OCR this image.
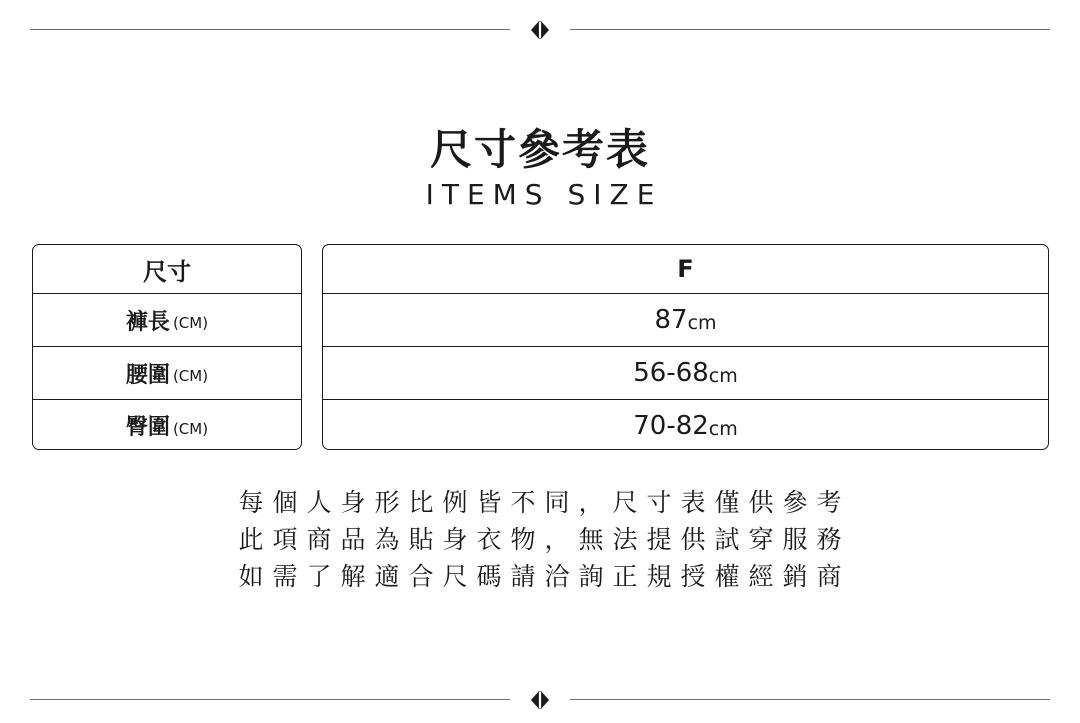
尺寸參考表
ITEMS SIZE
尺寸
褲長 (CM)
腰圍 (CM)
臀圍 (CM)
F
87 cm
56-68 cm
70-82 cm
每個人身形比例皆不同，尺寸表僅供參考
此項商品為貼身衣物，無法提供試穿服務
如需了解適合尺碼請洽詢正規授權經銷商
